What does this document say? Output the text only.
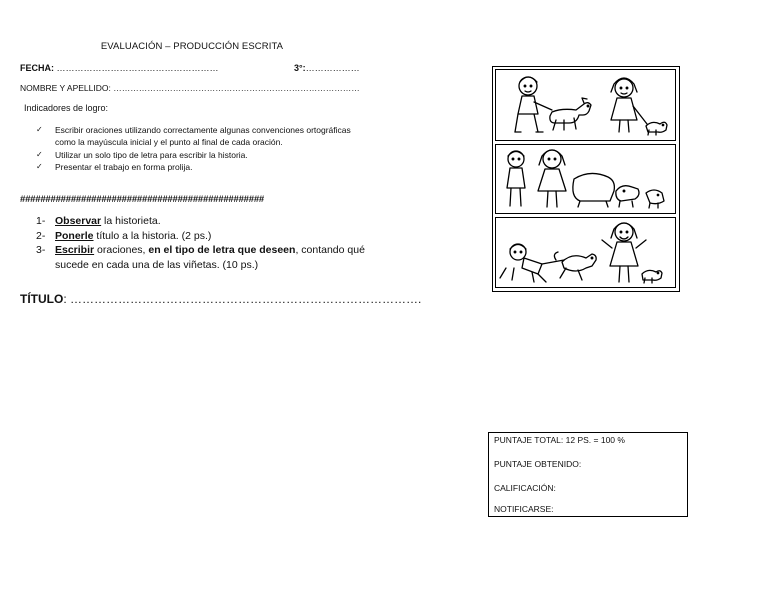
EVALUACIÓN – PRODUCCIÓN ESCRITA
FECHA: ………………………………………………	3°:………………
NOMBRE Y APELLIDO: ……………………………………………………………………………
Indicadores de logro:
✓ Escribir oraciones utilizando correctamente algunas convenciones ortográficas como la mayúscula inicial y el punto al final de cada oración.
✓ Utilizar un solo tipo de letra para escribir la historia.
✓ Presentar el trabajo en forma prolija.
################################################
1- Observar la historieta.
2- Ponerle título a la historia. (2 ps.)
3- Escribir oraciones, en el tipo de letra que deseen, contando qué sucede en cada una de las viñetas. (10 ps.)
TÍTULO: …………………………………………………………………………….
PUNTAJE TOTAL: 12 PS. = 100 %
PUNTAJE OBTENIDO:
CALIFICACIÓN:
NOTIFICARSE:
